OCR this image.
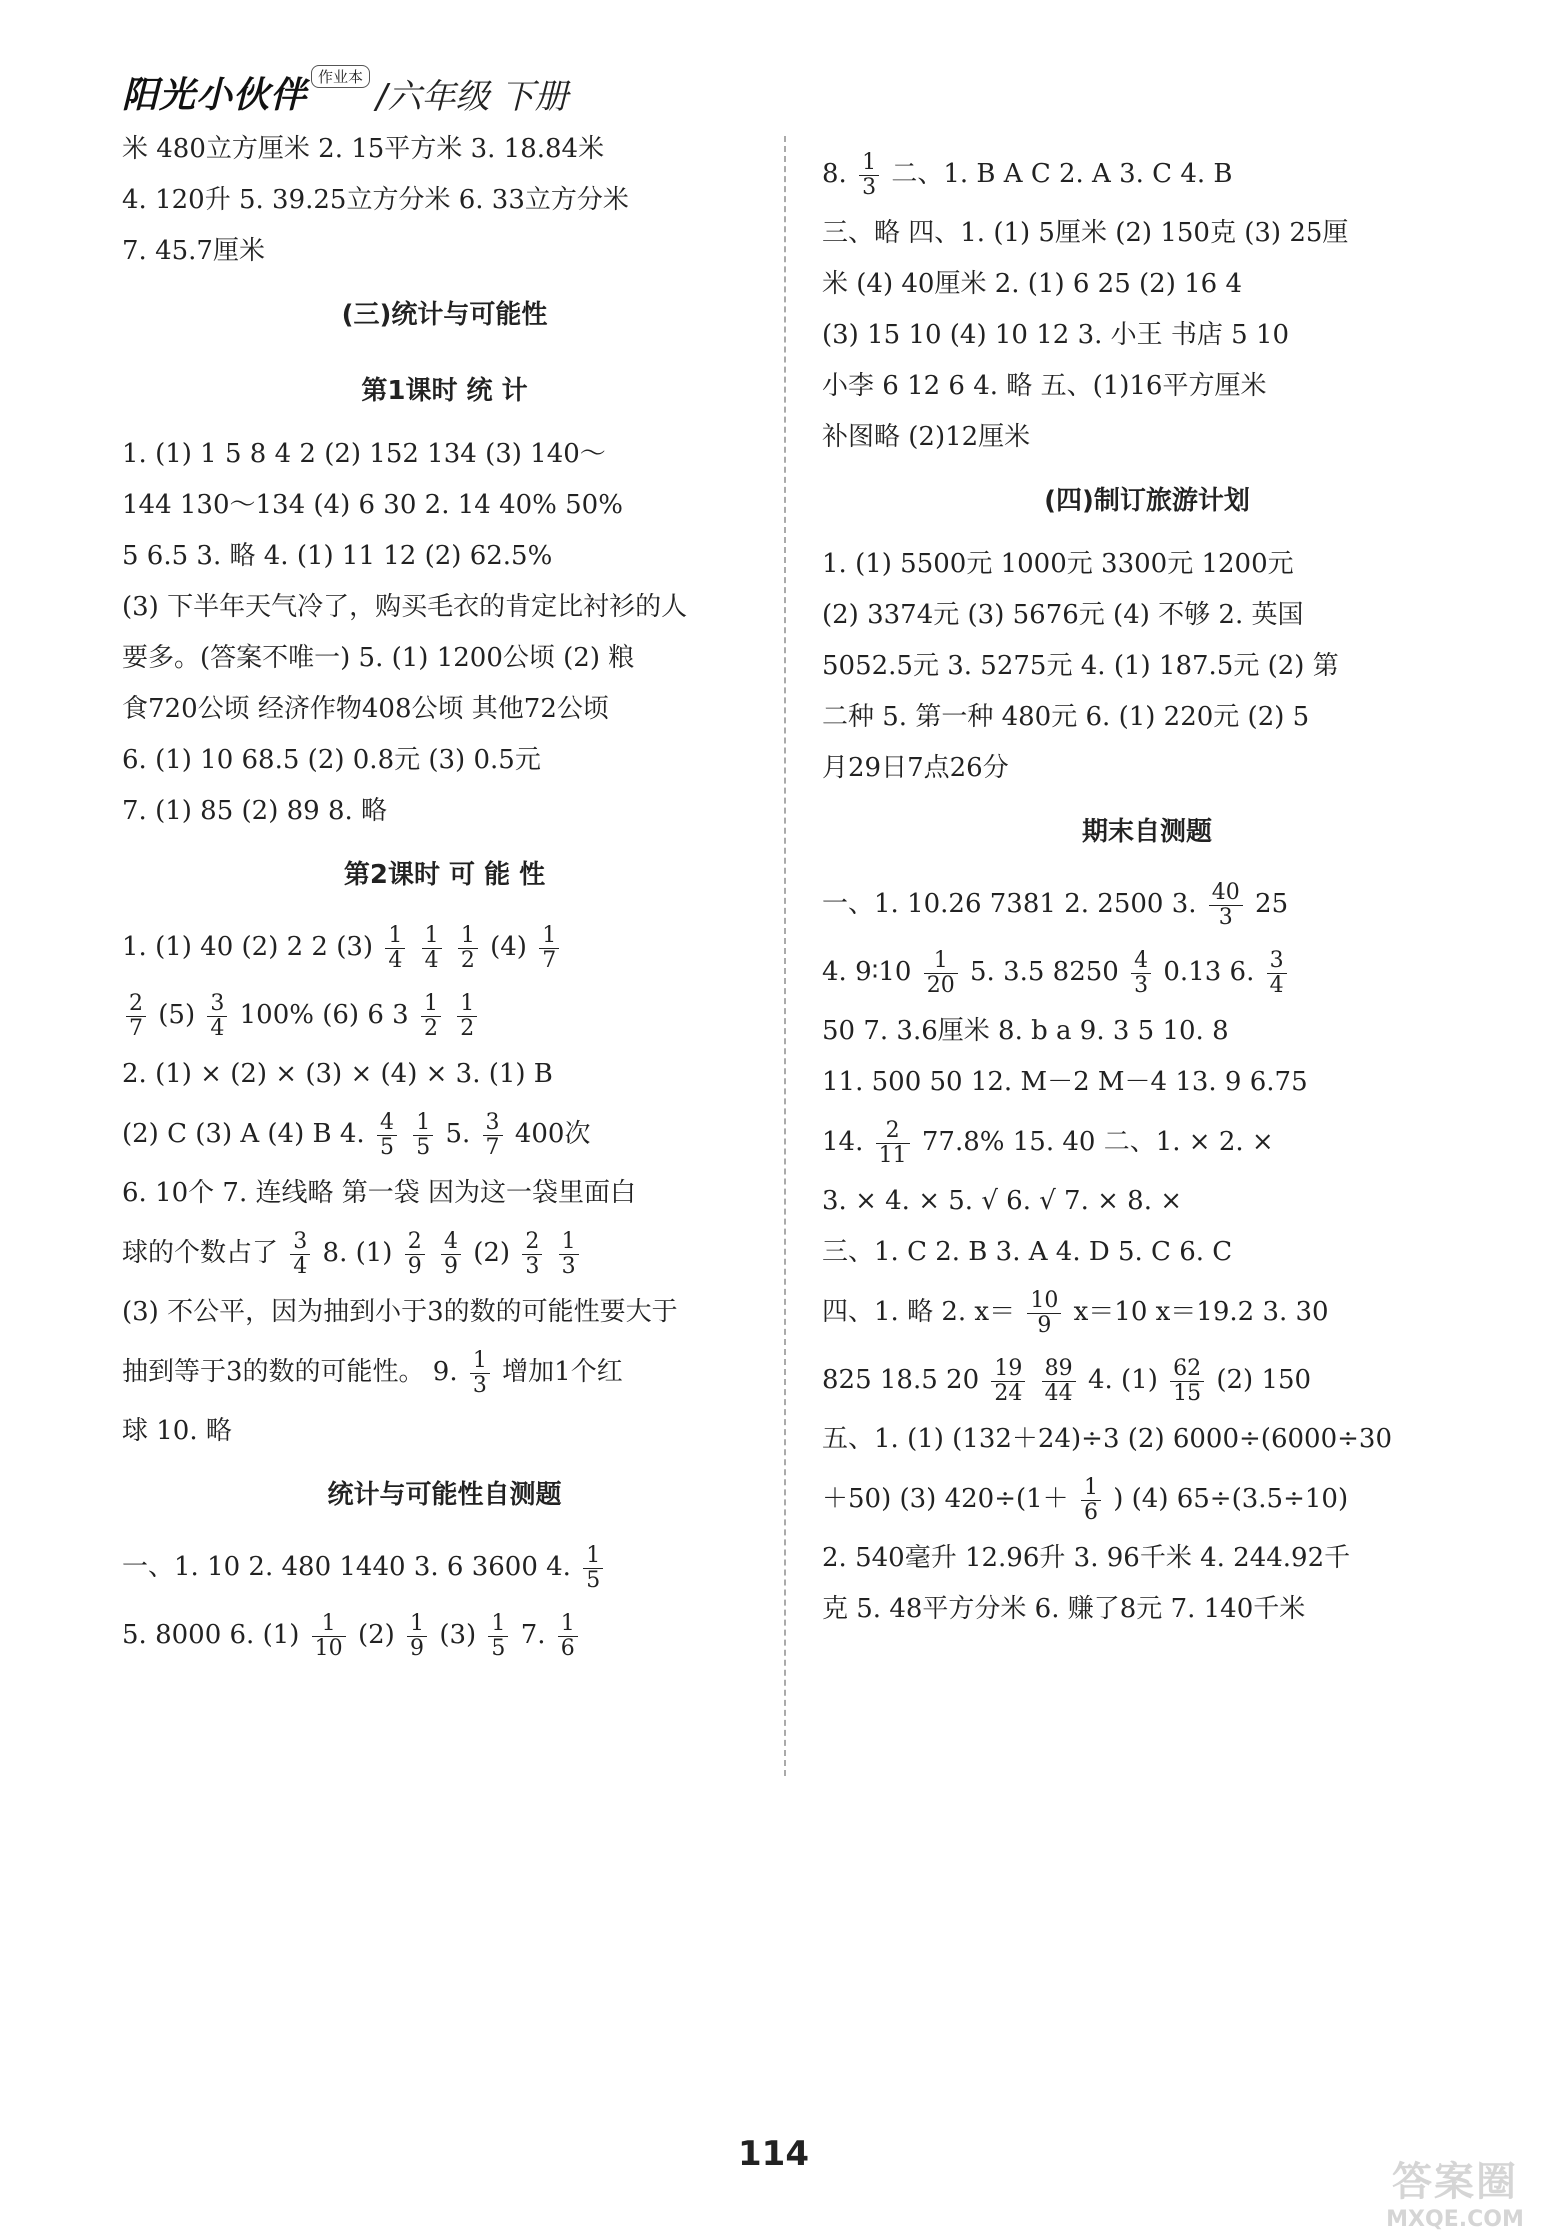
阳光小伙伴 作业本 /六年级 下册
米 480立方厘米 2. 15平方米 3. 18.84米
4. 120升 5. 39.25立方分米 6. 33立方分米
7. 45.7厘米
(三)统计与可能性
第1课时 统 计
1. (1) 1 5 8 4 2 (2) 152 134 (3) 140～
144 130～134 (4) 6 30 2. 14 40% 50%
5 6.5 3. 略 4. (1) 11 12 (2) 62.5%
(3) 下半年天气冷了，购买毛衣的肯定比衬衫的人
要多。(答案不唯一) 5. (1) 1200公顷 (2) 粮
食720公顷 经济作物408公顷 其他72公顷
6. (1) 10 68.5 (2) 0.8元 (3) 0.5元
7. (1) 85 (2) 89 8. 略
第2课时 可 能 性
1. (1) 40 (2) 2 2 $(3) \frac{1}{4}$
$\frac{1}{4}$
$\frac{1}{2} (4) \frac{1}{7}$
$\frac{2}{7} (5) \frac{3}{4} 100\%$ (6) 6 $3 \frac{1}{2}$
$\frac{1}{2}$
2. (1) × (2) × (3) × (4) × 3. (1) B
(2) C (3) A (4) B 4. $\frac{4}{5}$
$\frac{1}{5} 5$. $\frac{3}{7} 400$次
6. 10个 7. 连线略 第一袋 因为这一袋里面白
球的个数占了 $\frac{3}{4} 8$. $(1) \frac{2}{9}$
$\frac{4}{9} (2) \frac{2}{3}$
$\frac{1}{3}$
(3) 不公平，因为抽到小于3的数的可能性要大于
抽到等于3的数的可能性。 9. $\frac{1}{3}$ 增加1个红
球 10. 略
统计与可能性自测题
一、1. 10 2. 480 1440 3. 6 3600 4. $\frac{1}{5}$
5. 8000 6. $(1) \frac{1}{10} (2) \frac{1}{9} (3) \frac{1}{5} 7$. $\frac{1}{6}$
8. $\frac{1}{3}$ 二、1. B A C 2. A 3. C 4. B
三、略 四、1. (1) 5厘米 (2) 150克 (3) 25厘
米 (4) 40厘米 2. (1) 6 25 (2) 16 4
(3) 15 10 (4) 10 12 3. 小王 书店 5 10
小李 6 12 6 4. 略 五、(1)16平方厘米
补图略 (2)12厘米
(四)制订旅游计划
1. (1) 5500元 1000元 3300元 1200元
(2) 3374元 (3) 5676元 (4) 不够 2. 英国
5052.5元 3. 5275元 4. (1) 187.5元 (2) 第
二种 5. 第一种 480元 6. (1) 220元 (2) 5
月29日7点26分
期末自测题
一、1. 10.26 7381 2. 2500 3. $\frac{40}{3} 25$
4. 9∶10 $\frac{1}{20} 5$. 3.5 $8250 \frac{4}{3} 0.13$ 6. $\frac{3}{4}$
50 7. 3.6厘米 8. b a 9. 3 5 10. 8
11. 500 50 12. M－2 M－4 13. 9 6.75
14. $\frac{2}{11} 77.8\%$ 15. 40 二、1. × 2. ×
3. × 4. × 5. √ 6. √ 7. × 8. ×
三、1. C 2. B 3. A 4. D 5. C 6. C
四、1. 略 2. $x= \frac{10}{9} x=10$ x＝19.2 3. 30
825 18.5 $20 \frac{19}{24}$
$\frac{89}{44} 4$. $(1) \frac{62}{15} (2)$ 150
五、1. (1) (132＋24)÷3 (2) 6000÷(6000÷30
＋50) (3) $420\div(1+ \frac{1}{6}$ ) (4) 65÷(3.5÷10)
2. 540毫升 12.96升 3. 96千米 4. 244.92千
克 5. 48平方分米 6. 赚了8元 7. 140千米
114
答案圈
MXQE.COM
